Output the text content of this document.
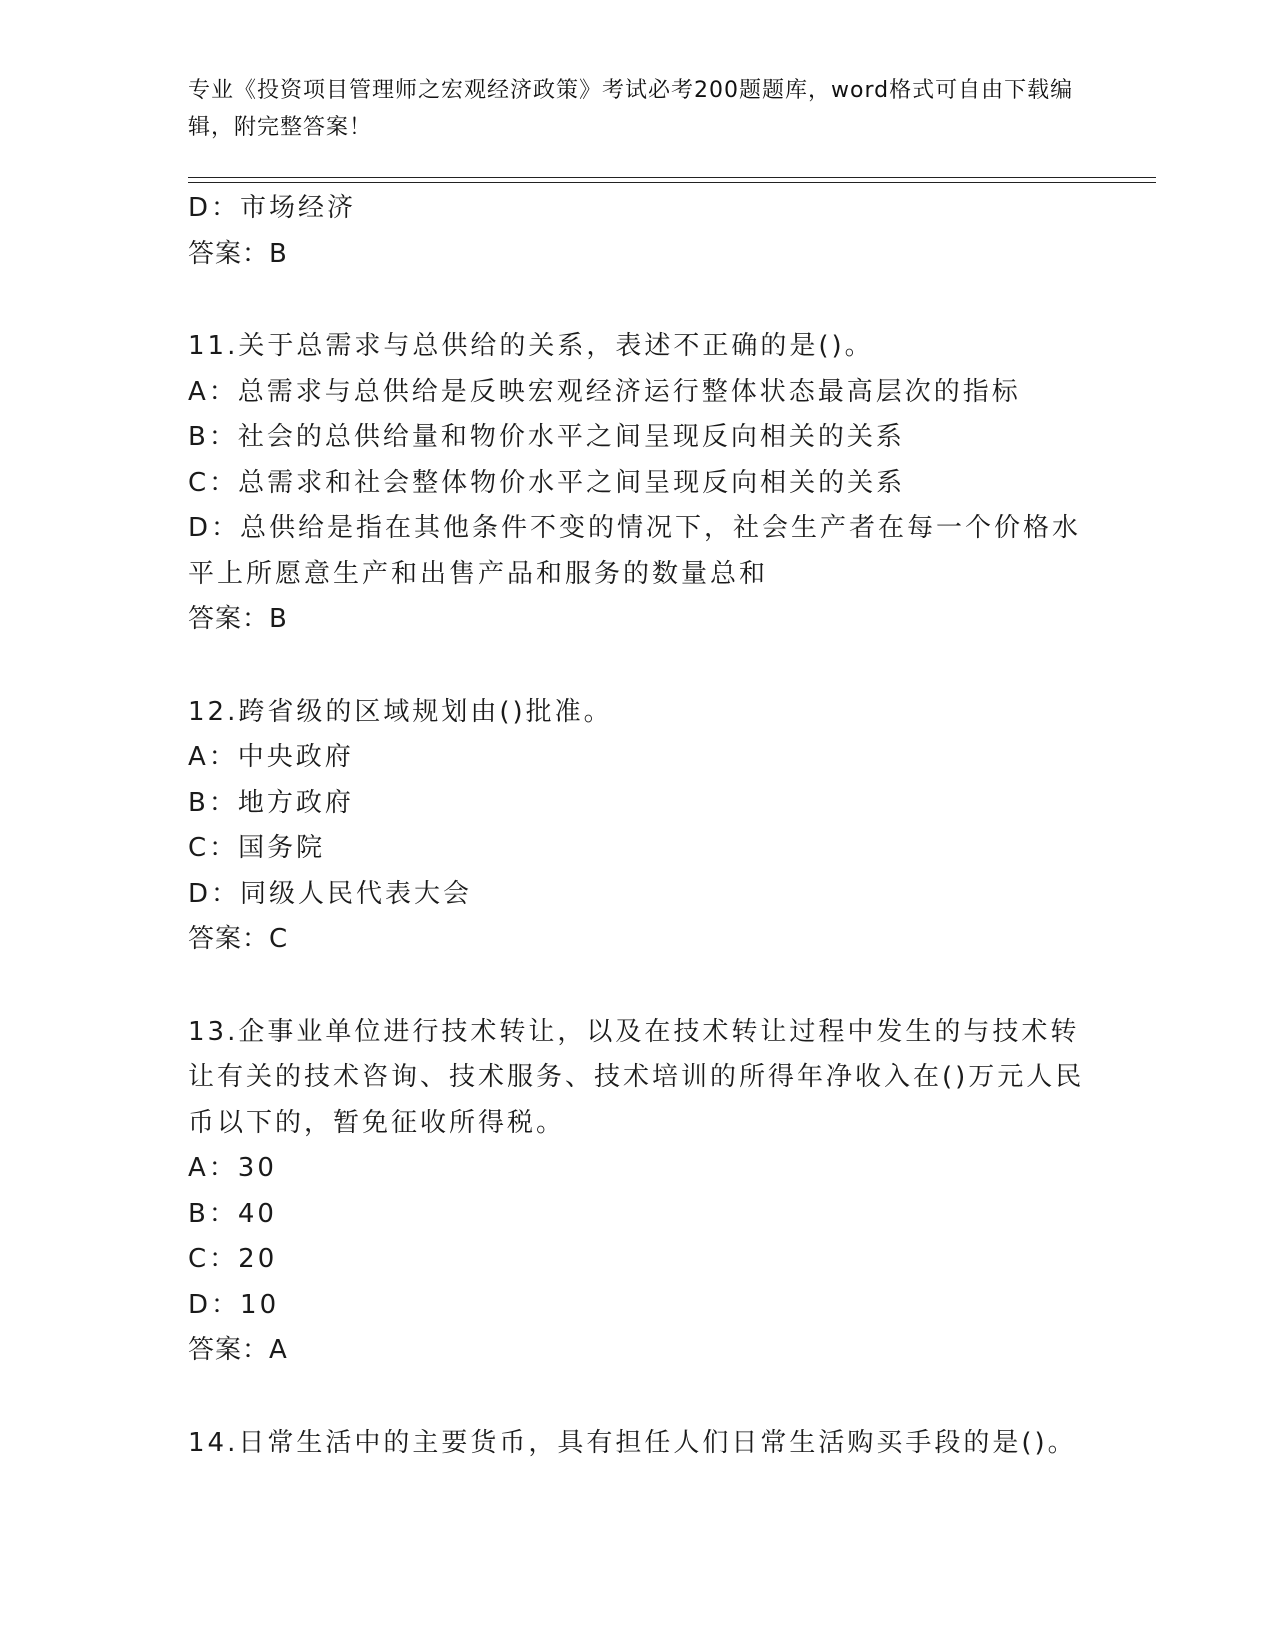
专业《投资项目管理师之宏观经济政策》考试必考200题题库，word格式可自由下载编辑，附完整答案！
D：市场经济
答案：B
11.关于总需求与总供给的关系，表述不正确的是()。
A：总需求与总供给是反映宏观经济运行整体状态最高层次的指标
B：社会的总供给量和物价水平之间呈现反向相关的关系
C：总需求和社会整体物价水平之间呈现反向相关的关系
D：总供给是指在其他条件不变的情况下，社会生产者在每一个价格水平上所愿意生产和出售产品和服务的数量总和
答案：B
12.跨省级的区域规划由()批准。
A：中央政府
B：地方政府
C：国务院
D：同级人民代表大会
答案：C
13.企事业单位进行技术转让，以及在技术转让过程中发生的与技术转让有关的技术咨询、技术服务、技术培训的所得年净收入在()万元人民币以下的，暂免征收所得税。
A：30
B：40
C：20
D：10
答案：A
14.日常生活中的主要货币，具有担任人们日常生活购买手段的是()。
